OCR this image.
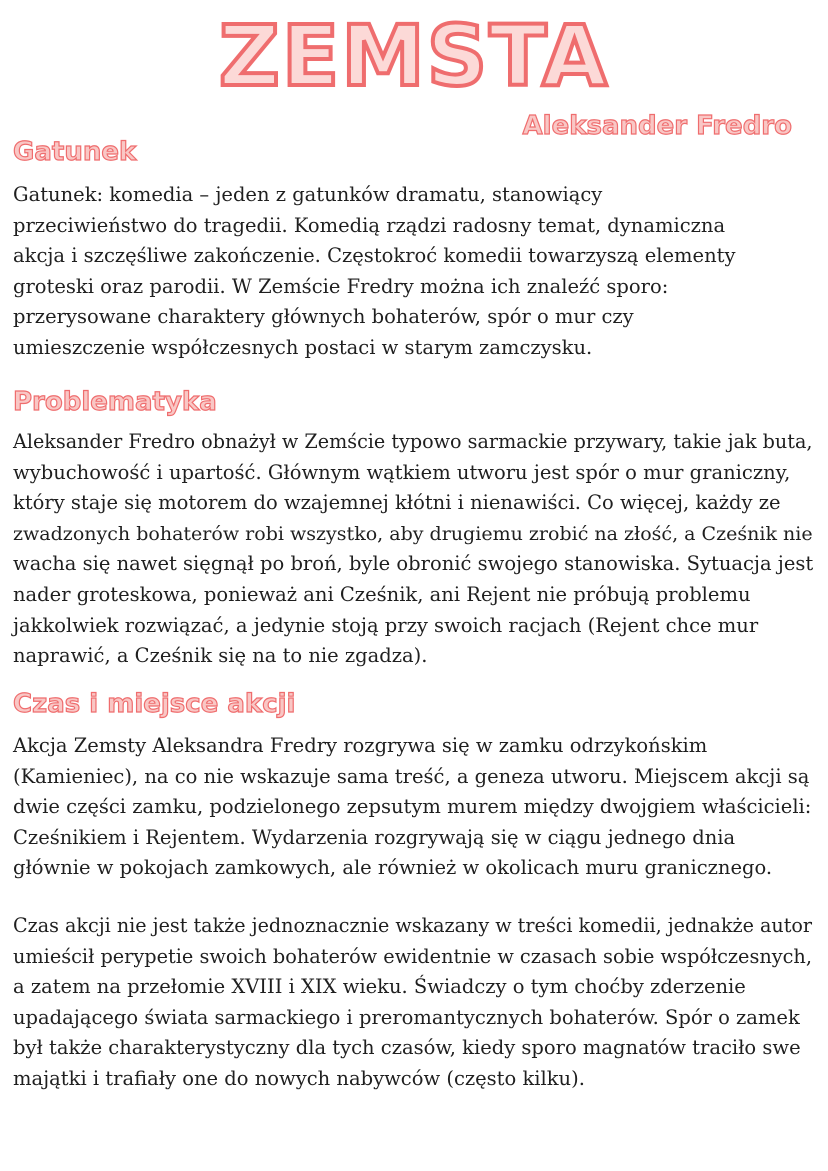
ZEMSTA
Aleksander Fredro
Gatunek

Gatunek: komedia – jeden z gatunków dramatu, stanowiący
przeciwieństwo do tragedii. Komedią rządzi radosny temat, dynamiczna
akcja i szczęśliwe zakończenie. Częstokroć komedii towarzyszą elementy
groteski oraz parodii. W Zemście Fredry można ich znaleźć sporo:
przerysowane charaktery głównych bohaterów, spór o mur czy
umieszczenie współczesnych postaci w starym zamczysku.

Problematyka

Aleksander Fredro obnażył w Zemście typowo sarmackie przywary, takie jak buta,
wybuchowość i upartość. Głównym wątkiem utworu jest spór o mur graniczny,
który staje się motorem do wzajemnej kłótni i nienawiści. Co więcej, każdy ze
zwadzonych bohaterów robi wszystko, aby drugiemu zrobić na złość, a Cześnik nie
wacha się nawet sięgnął po broń, byle obronić swojego stanowiska. Sytuacja jest
nader groteskowa, ponieważ ani Cześnik, ani Rejent nie próbują problemu
jakkolwiek rozwiązać, a jedynie stoją przy swoich racjach (Rejent chce mur
naprawić, a Cześnik się na to nie zgadza).

Czas i miejsce akcji

Akcja Zemsty Aleksandra Fredry rozgrywa się w zamku odrzykońskim
(Kamieniec), na co nie wskazuje sama treść, a geneza utworu. Miejscem akcji są
dwie części zamku, podzielonego zepsutym murem między dwojgiem właścicieli:
Cześnikiem i Rejentem. Wydarzenia rozgrywają się w ciągu jednego dnia
głównie w pokojach zamkowych, ale również w okolicach muru granicznego.

Czas akcji nie jest także jednoznacznie wskazany w treści komedii, jednakże autor
umieścił perypetie swoich bohaterów ewidentnie w czasach sobie współczesnych,
a zatem na przełomie XVIII i XIX wieku. Świadczy o tym choćby zderzenie
upadającego świata sarmackiego i preromantycznych bohaterów. Spór o zamek
był także charakterystyczny dla tych czasów, kiedy sporo magnatów traciło swe
majątki i trafiały one do nowych nabywców (często kilku).
